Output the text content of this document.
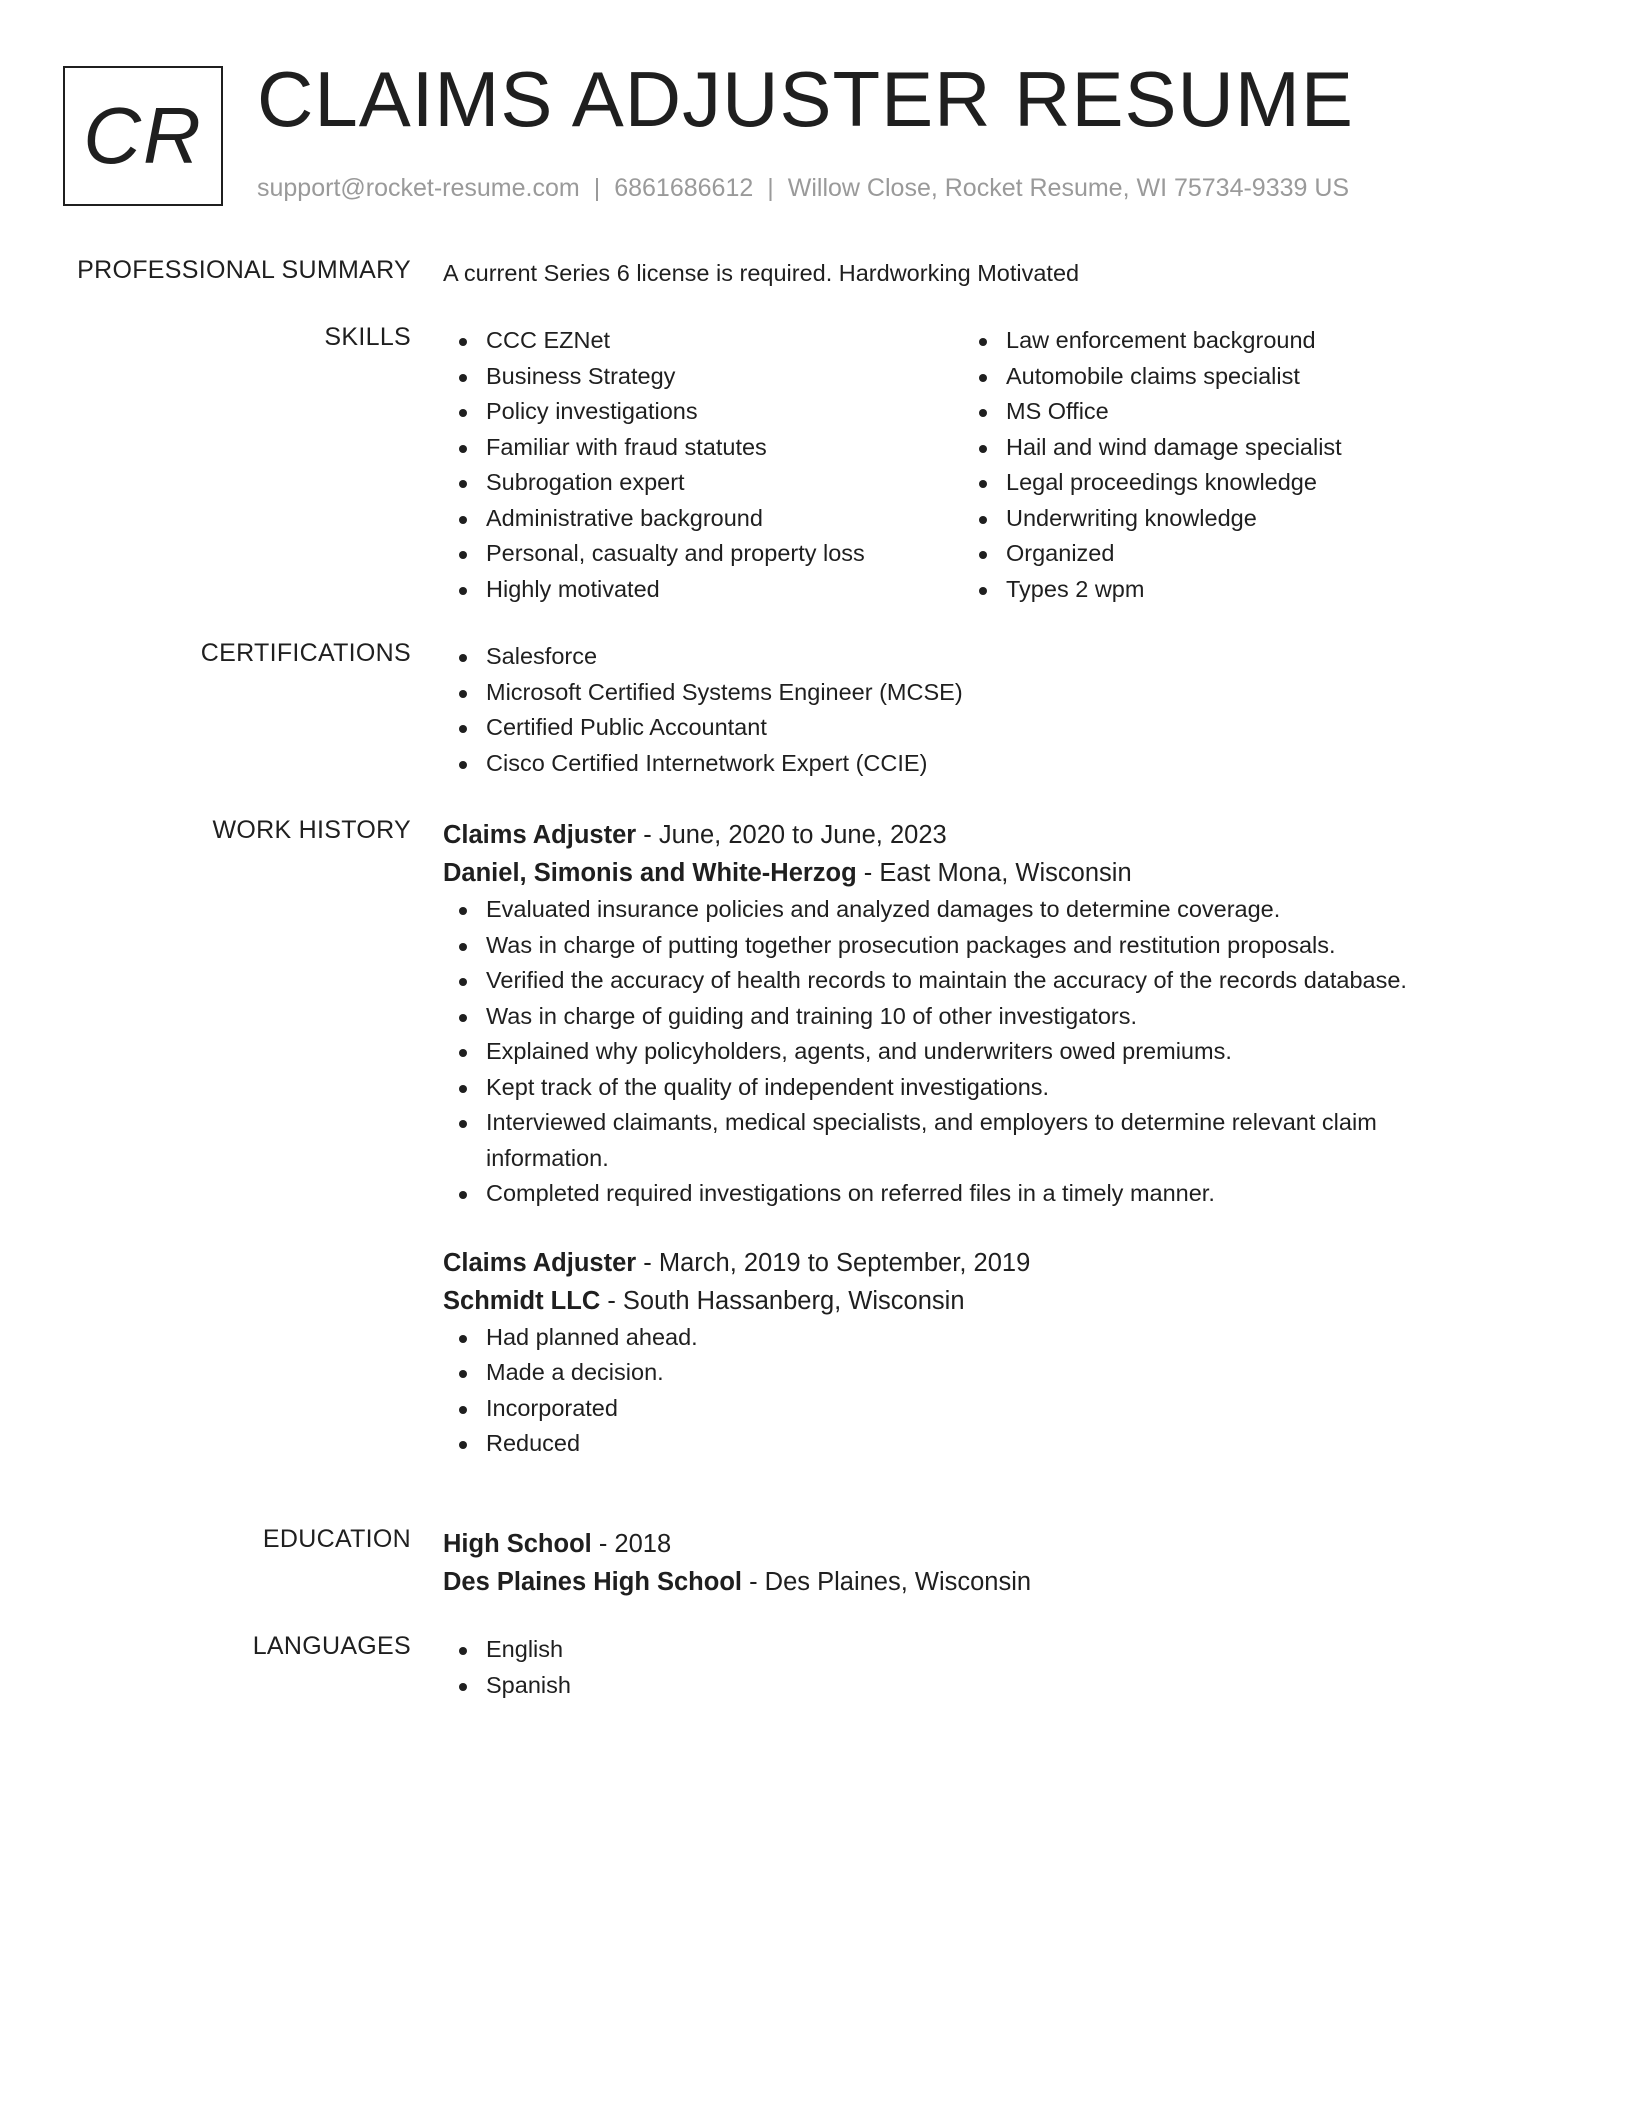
CR CLAIMS ADJUSTER RESUME
support@rocket-resume.com | 6861686612 | Willow Close, Rocket Resume, WI 75734-9339 US
PROFESSIONAL SUMMARY A current Series 6 license is required. Hardworking Motivated
SKILLS	CCC EZNet
Business Strategy
Policy investigations
Familiar with fraud statutes
Subrogation expert
Administrative background
Personal, casualty and property loss
Highly motivated
Law enforcement background
Automobile claims specialist
MS Office
Hail and wind damage specialist
Legal proceedings knowledge
Underwriting knowledge
Organized
Types 2 wpm
CERTIFICATIONS	Salesforce
Microsoft Certified Systems Engineer (MCSE)
Certified Public Accountant
Cisco Certified Internetwork Expert (CCIE)
WORK HISTORY Claims Adjuster - June, 2020 to June, 2023
Daniel, Simonis and White-Herzog - East Mona, Wisconsin
Evaluated insurance policies and analyzed damages to determine coverage.
Was in charge of putting together prosecution packages and restitution proposals.
Verified the accuracy of health records to maintain the accuracy of the records database.
Was in charge of guiding and training 10 of other investigators.
Explained why policyholders, agents, and underwriters owed premiums.
Kept track of the quality of independent investigations.
Interviewed claimants, medical specialists, and employers to determine relevant claim information.
Completed required investigations on referred files in a timely manner.
Claims Adjuster - March, 2019 to September, 2019
Schmidt LLC - South Hassanberg, Wisconsin
Had planned ahead.
Made a decision.
Incorporated
Reduced
EDUCATION High School - 2018
Des Plaines High School - Des Plaines, Wisconsin
LANGUAGES	English
Spanish
